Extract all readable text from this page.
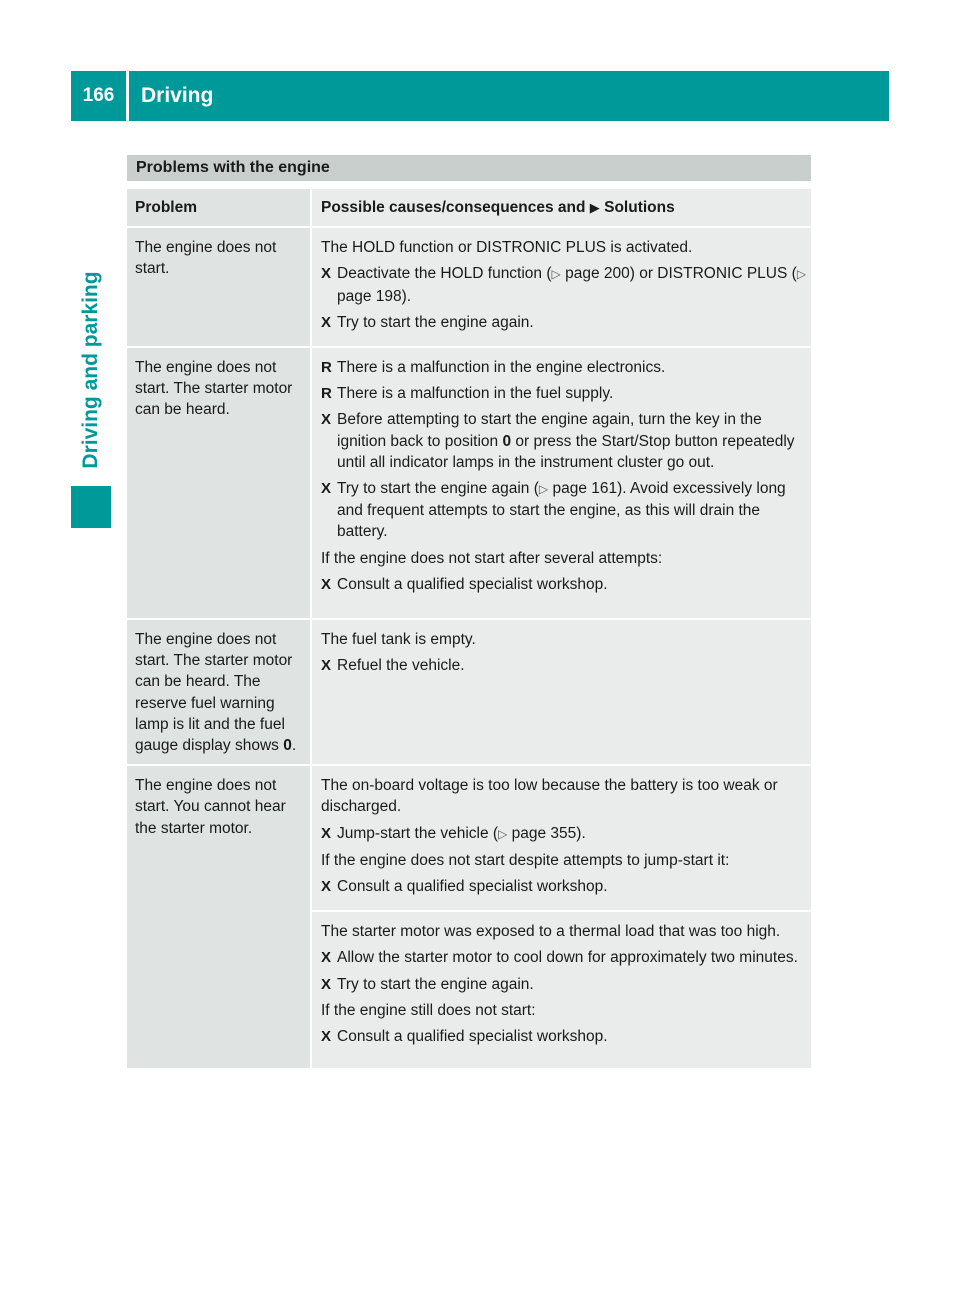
166	Driving
Driving and parking
Problems with the engine
Problem	Possible causes/consequences and ▶ Solutions
The engine does not start.

The HOLD function or DISTRONIC PLUS is activated.

X Deactivate the HOLD function (▷ page 200) or DISTRONIC PLUS (▷ page 198).
X Try to start the engine again.
The engine does not start. The starter motor can be heard.
R There is a malfunction in the engine electronics.
R There is a malfunction in the fuel supply.
X Before attempting to start the engine again, turn the key in the ignition back to position 0 or press the Start/Stop button repeatedly until all indicator lamps in the instrument cluster go out.
X Try to start the engine again (▷ page 161). Avoid excessively long and frequent attempts to start the engine, as this will drain the battery.

If the engine does not start after several attempts:

X Consult a qualified specialist workshop.
The engine does not start. The starter motor can be heard. The reserve fuel warning lamp is lit and the fuel gauge display shows 0.

The fuel tank is empty.

X Refuel the vehicle.
The engine does not start. You cannot hear the starter motor.

The on-board voltage is too low because the battery is too weak or discharged.

X Jump-start the vehicle (▷ page 355).

If the engine does not start despite attempts to jump-start it:

X Consult a qualified specialist workshop.

The starter motor was exposed to a thermal load that was too high.

X Allow the starter motor to cool down for approximately two minutes.
X Try to start the engine again.

If the engine still does not start:

X Consult a qualified specialist workshop.
